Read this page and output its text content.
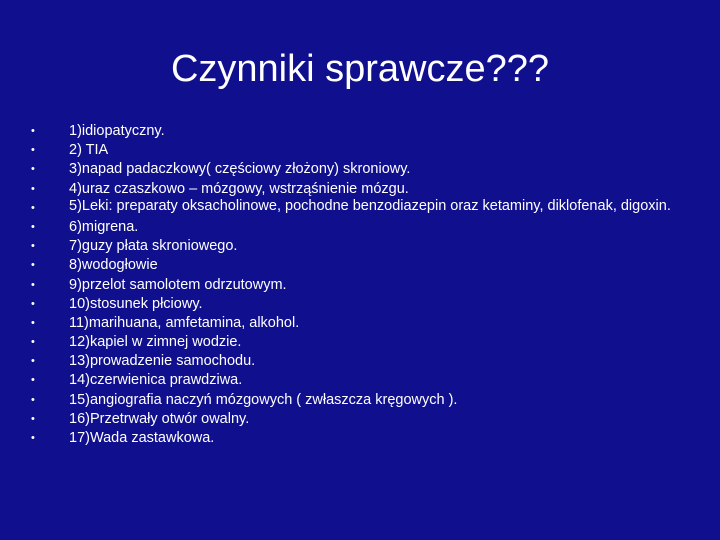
Czynniki sprawcze???
•	1)idiopatyczny.
•	2) TIA
•	3)napad padaczkowy( częściowy złożony) skroniowy.
•	4)uraz czaszkowo – mózgowy, wstrząśnienie mózgu.
•	5)Leki: preparaty oksacholinowe, pochodne benzodiazepin oraz ketaminy, diklofenak, digoxin.
•	6)migrena.
•	7)guzy płata skroniowego.
•	8)wodogłowie
•	9)przelot samolotem odrzutowym.
•	10)stosunek płciowy.
•	11)marihuana, amfetamina, alkohol.
•	12)kapiel w zimnej wodzie.
•	13)prowadzenie samochodu.
•	14)czerwienica prawdziwa.
•	15)angiografia naczyń mózgowych ( zwłaszcza kręgowych ).
•	16)Przetrwały otwór owalny.
•	17)Wada zastawkowa.
